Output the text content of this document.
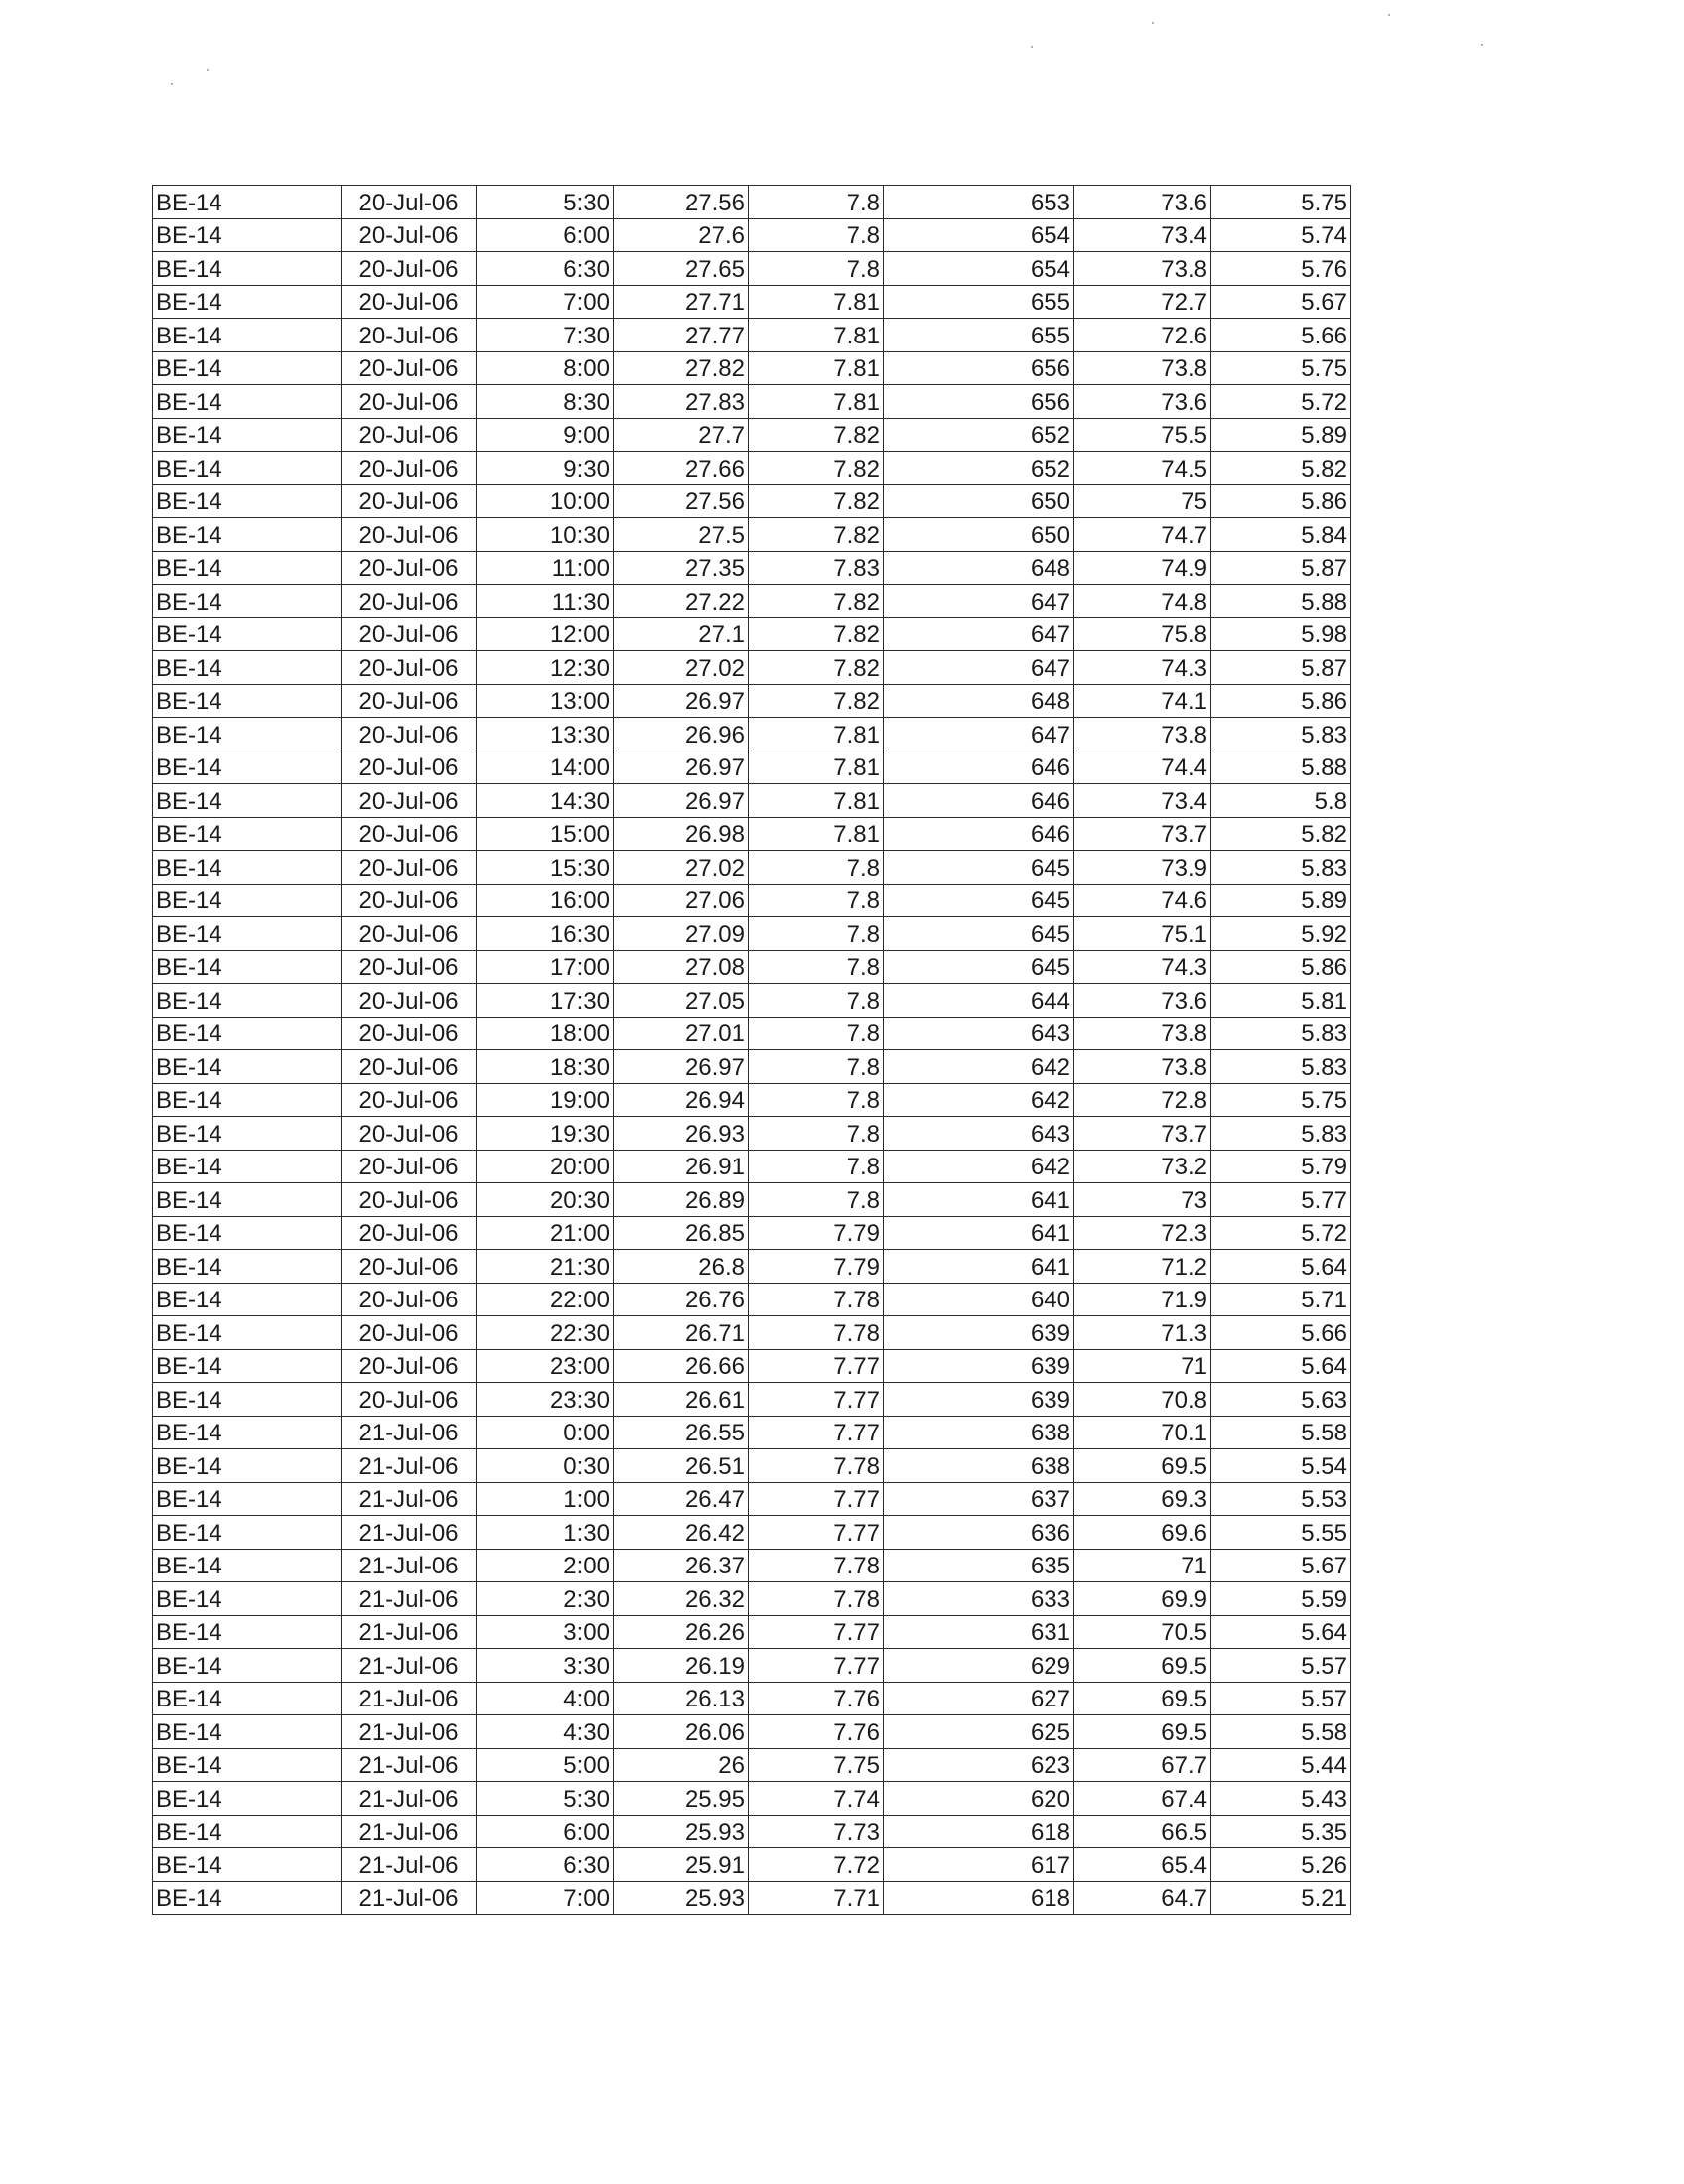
BE-14	20-Jul-06	5:30	27.56	7.8	653	73.6	5.75
BE-14	20-Jul-06	6:00	27.6	7.8	654	73.4	5.74
BE-14	20-Jul-06	6:30	27.65	7.8	654	73.8	5.76
BE-14	20-Jul-06	7:00	27.71	7.81	655	72.7	5.67
BE-14	20-Jul-06	7:30	27.77	7.81	655	72.6	5.66
BE-14	20-Jul-06	8:00	27.82	7.81	656	73.8	5.75
BE-14	20-Jul-06	8:30	27.83	7.81	656	73.6	5.72
BE-14	20-Jul-06	9:00	27.7	7.82	652	75.5	5.89
BE-14	20-Jul-06	9:30	27.66	7.82	652	74.5	5.82
BE-14	20-Jul-06	10:00	27.56	7.82	650	75	5.86
BE-14	20-Jul-06	10:30	27.5	7.82	650	74.7	5.84
BE-14	20-Jul-06	11:00	27.35	7.83	648	74.9	5.87
BE-14	20-Jul-06	11:30	27.22	7.82	647	74.8	5.88
BE-14	20-Jul-06	12:00	27.1	7.82	647	75.8	5.98
BE-14	20-Jul-06	12:30	27.02	7.82	647	74.3	5.87
BE-14	20-Jul-06	13:00	26.97	7.82	648	74.1	5.86
BE-14	20-Jul-06	13:30	26.96	7.81	647	73.8	5.83
BE-14	20-Jul-06	14:00	26.97	7.81	646	74.4	5.88
BE-14	20-Jul-06	14:30	26.97	7.81	646	73.4	5.8
BE-14	20-Jul-06	15:00	26.98	7.81	646	73.7	5.82
BE-14	20-Jul-06	15:30	27.02	7.8	645	73.9	5.83
BE-14	20-Jul-06	16:00	27.06	7.8	645	74.6	5.89
BE-14	20-Jul-06	16:30	27.09	7.8	645	75.1	5.92
BE-14	20-Jul-06	17:00	27.08	7.8	645	74.3	5.86
BE-14	20-Jul-06	17:30	27.05	7.8	644	73.6	5.81
BE-14	20-Jul-06	18:00	27.01	7.8	643	73.8	5.83
BE-14	20-Jul-06	18:30	26.97	7.8	642	73.8	5.83
BE-14	20-Jul-06	19:00	26.94	7.8	642	72.8	5.75
BE-14	20-Jul-06	19:30	26.93	7.8	643	73.7	5.83
BE-14	20-Jul-06	20:00	26.91	7.8	642	73.2	5.79
BE-14	20-Jul-06	20:30	26.89	7.8	641	73	5.77
BE-14	20-Jul-06	21:00	26.85	7.79	641	72.3	5.72
BE-14	20-Jul-06	21:30	26.8	7.79	641	71.2	5.64
BE-14	20-Jul-06	22:00	26.76	7.78	640	71.9	5.71
BE-14	20-Jul-06	22:30	26.71	7.78	639	71.3	5.66
BE-14	20-Jul-06	23:00	26.66	7.77	639	71	5.64
BE-14	20-Jul-06	23:30	26.61	7.77	639	70.8	5.63
BE-14	21-Jul-06	0:00	26.55	7.77	638	70.1	5.58
BE-14	21-Jul-06	0:30	26.51	7.78	638	69.5	5.54
BE-14	21-Jul-06	1:00	26.47	7.77	637	69.3	5.53
BE-14	21-Jul-06	1:30	26.42	7.77	636	69.6	5.55
BE-14	21-Jul-06	2:00	26.37	7.78	635	71	5.67
BE-14	21-Jul-06	2:30	26.32	7.78	633	69.9	5.59
BE-14	21-Jul-06	3:00	26.26	7.77	631	70.5	5.64
BE-14	21-Jul-06	3:30	26.19	7.77	629	69.5	5.57
BE-14	21-Jul-06	4:00	26.13	7.76	627	69.5	5.57
BE-14	21-Jul-06	4:30	26.06	7.76	625	69.5	5.58
BE-14	21-Jul-06	5:00	26	7.75	623	67.7	5.44
BE-14	21-Jul-06	5:30	25.95	7.74	620	67.4	5.43
BE-14	21-Jul-06	6:00	25.93	7.73	618	66.5	5.35
BE-14	21-Jul-06	6:30	25.91	7.72	617	65.4	5.26
BE-14	21-Jul-06	7:00	25.93	7.71	618	64.7	5.21
